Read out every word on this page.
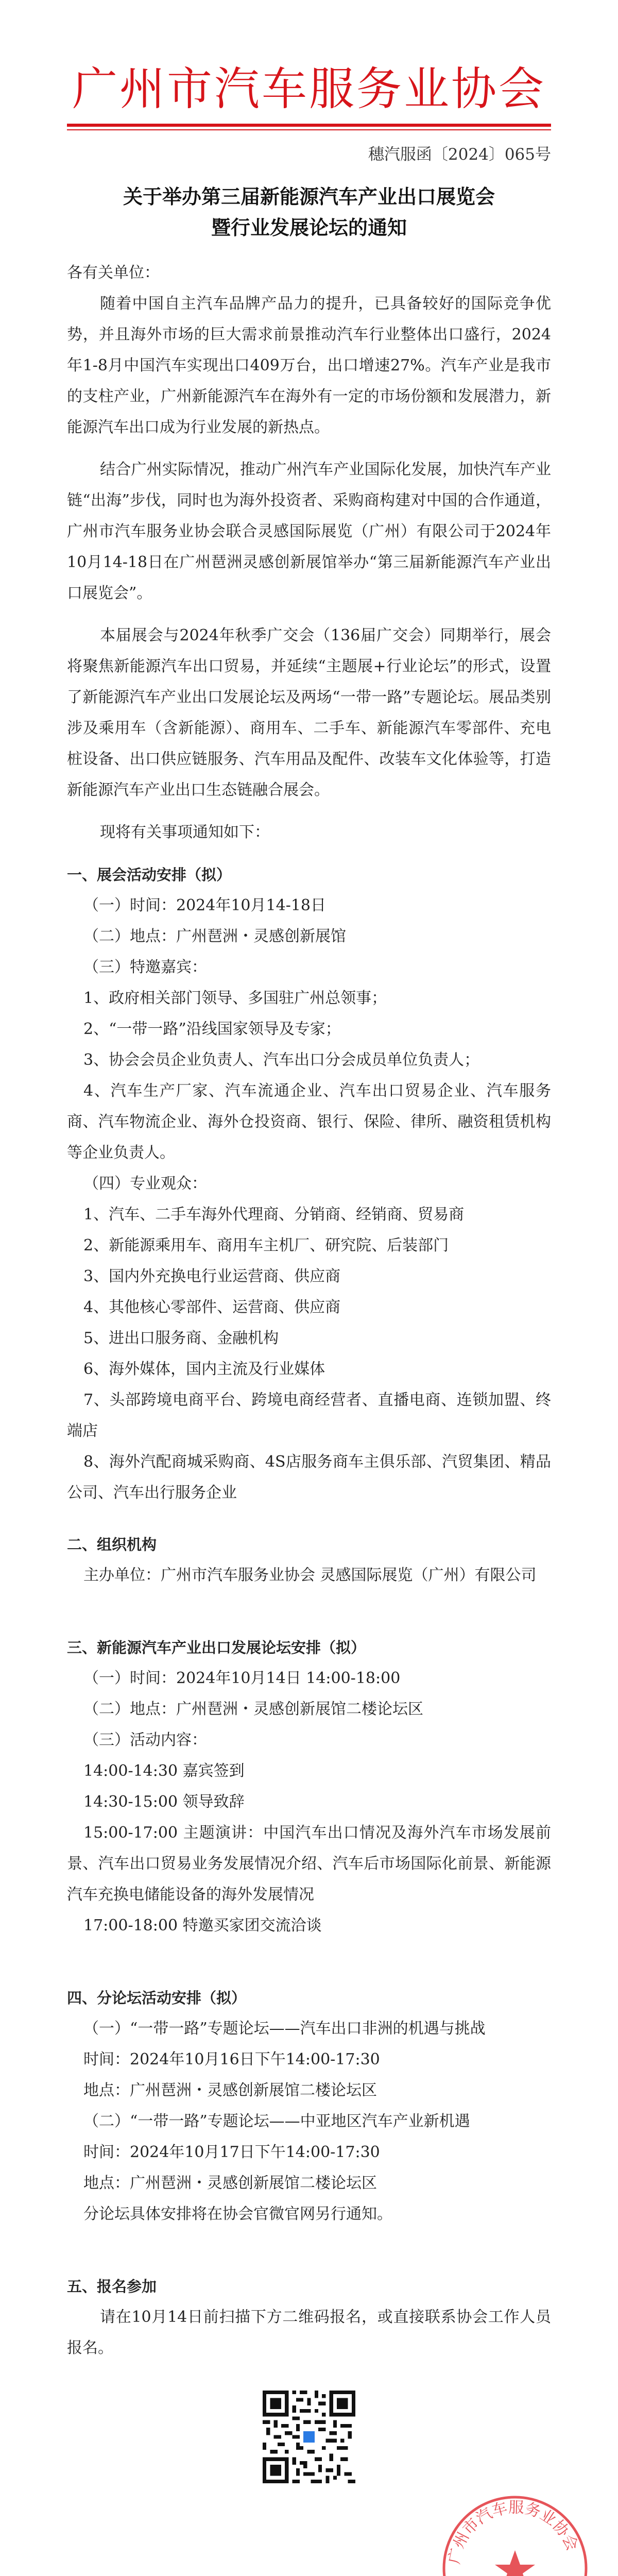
广州市汽车服务业协会
穗汽服函〔2024〕065号
关于举办第三届新能源汽车产业出口展览会
暨行业发展论坛的通知

各有关单位：

随着中国自主汽车品牌产品力的提升，已具备较好的国际竞争优势，并且海外市场的巨大需求前景推动汽车行业整体出口盛行，2024年1-8月中国汽车实现出口409万台，出口增速27%。汽车产业是我市的支柱产业，广州新能源汽车在海外有一定的市场份额和发展潜力，新能源汽车出口成为行业发展的新热点。

结合广州实际情况，推动广州汽车产业国际化发展，加快汽车产业链“出海”步伐，同时也为海外投资者、采购商构建对中国的合作通道，广州市汽车服务业协会联合灵感国际展览（广州）有限公司于2024年10月14-18日在广州琶洲灵感创新展馆举办“第三届新能源汽车产业出口展览会”。

本届展会与2024年秋季广交会（136届广交会）同期举行，展会将聚焦新能源汽车出口贸易，并延续“主题展+行业论坛”的形式，设置了新能源汽车产业出口发展论坛及两场“一带一路”专题论坛。展品类别涉及乘用车（含新能源）、商用车、二手车、新能源汽车零部件、充电桩设备、出口供应链服务、汽车用品及配件、改装车文化体验等，打造新能源汽车产业出口生态链融合展会。

现将有关事项通知如下：

一、展会活动安排（拟）

（一）时间：2024年10月14-18日

（二）地点：广州琶洲・灵感创新展馆

（三）特邀嘉宾：

1、政府相关部门领导、多国驻广州总领事；

2、“一带一路”沿线国家领导及专家；

3、协会会员企业负责人、汽车出口分会成员单位负责人；

4、汽车生产厂家、汽车流通企业、汽车出口贸易企业、汽车服务商、汽车物流企业、海外仓投资商、银行、保险、律所、融资租赁机构等企业负责人。

（四）专业观众：

1、汽车、二手车海外代理商、分销商、经销商、贸易商

2、新能源乘用车、商用车主机厂、研究院、后装部门

3、国内外充换电行业运营商、供应商

4、其他核心零部件、运营商、供应商

5、进出口服务商、金融机构

6、海外媒体，国内主流及行业媒体

7、头部跨境电商平台、跨境电商经营者、直播电商、连锁加盟、终端店

8、海外汽配商城采购商、4S店服务商车主俱乐部、汽贸集团、精品公司、汽车出行服务企业

二、组织机构

主办单位：广州市汽车服务业协会 灵感国际展览（广州）有限公司

三、新能源汽车产业出口发展论坛安排（拟）

（一）时间：2024年10月14日 14:00-18:00

（二）地点：广州琶洲・灵感创新展馆二楼论坛区

（三）活动内容：

14:00-14:30 嘉宾签到

14:30-15:00 领导致辞

15:00-17:00 主题演讲：中国汽车出口情况及海外汽车市场发展前景、汽车出口贸易业务发展情况介绍、汽车后市场国际化前景、新能源汽车充换电储能设备的海外发展情况

17:00-18:00 特邀买家团交流洽谈

四、分论坛活动安排（拟）

（一）“一带一路”专题论坛——汽车出口非洲的机遇与挑战

时间：2024年10月16日下午14:00-17:30

地点：广州琶洲・灵感创新展馆二楼论坛区

（二）“一带一路”专题论坛——中亚地区汽车产业新机遇

时间：2024年10月17日下午14:00-17:30

地点：广州琶洲・灵感创新展馆二楼论坛区

分论坛具体安排将在协会官微官网另行通知。

五、报名参加

请在10月14日前扫描下方二维码报名，或直接联系协会工作人员报名。

广州市汽车服务业协会
